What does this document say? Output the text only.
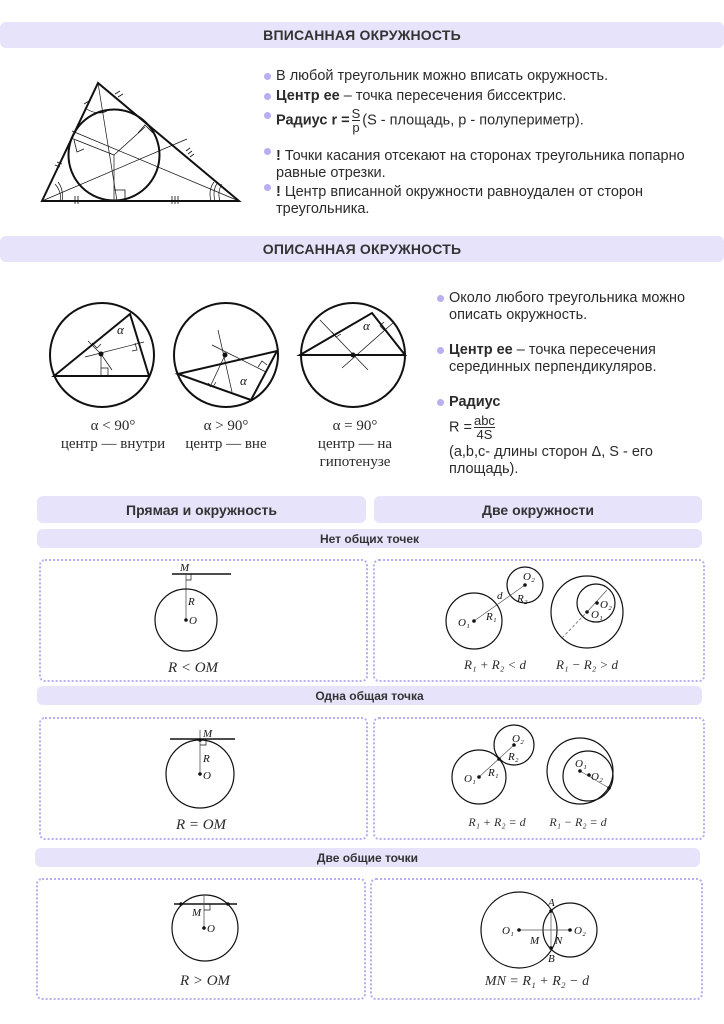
ВПИСАННАЯ ОКРУЖНОСТЬ
В любой треугольник можно вписать окружность.
Центр ее – точка пересечения биссектрис.
Радиус $r = \frac{S}{p} (S$ - площадь, p - полупериметр).
! Точки касания отсекают на сторонах треугольника попарно равные отрезки.
! Центр вписанной окружности равноудален от сторон треугольника.
ОПИСАННАЯ ОКРУЖНОСТЬ
α < 90°
центр — внутри
α > 90°
центр — вне
α = 90°
центр — на
гипотенузе
Около любого треугольника можно описать окружность.
Центр ее – точка пересечения серединных перпендикуляров.
Радиус
$R = \frac{\text{abc}}{4S}$
(a,b,c- длины сторон Δ, S - его площадь).
Прямая и окружность	Две окружности
Нет общих точек
Одна общая точка
Две общие точки
α
α
α
M
R
O	O₁ R₁
d R₂
O₂
O₁
O₂
M
R
O	O₁ R₁
R₂
O₂
O₁
O₂
M
O	O₁	O₂
A
B
M N
R < OM	R₁ + R₂ < d	R₁ − R₂ > d
R = OM	R₁ + R₂ = d	R₁ − R₂ = d
R > OM	MN = R₁ + R₂ − d
